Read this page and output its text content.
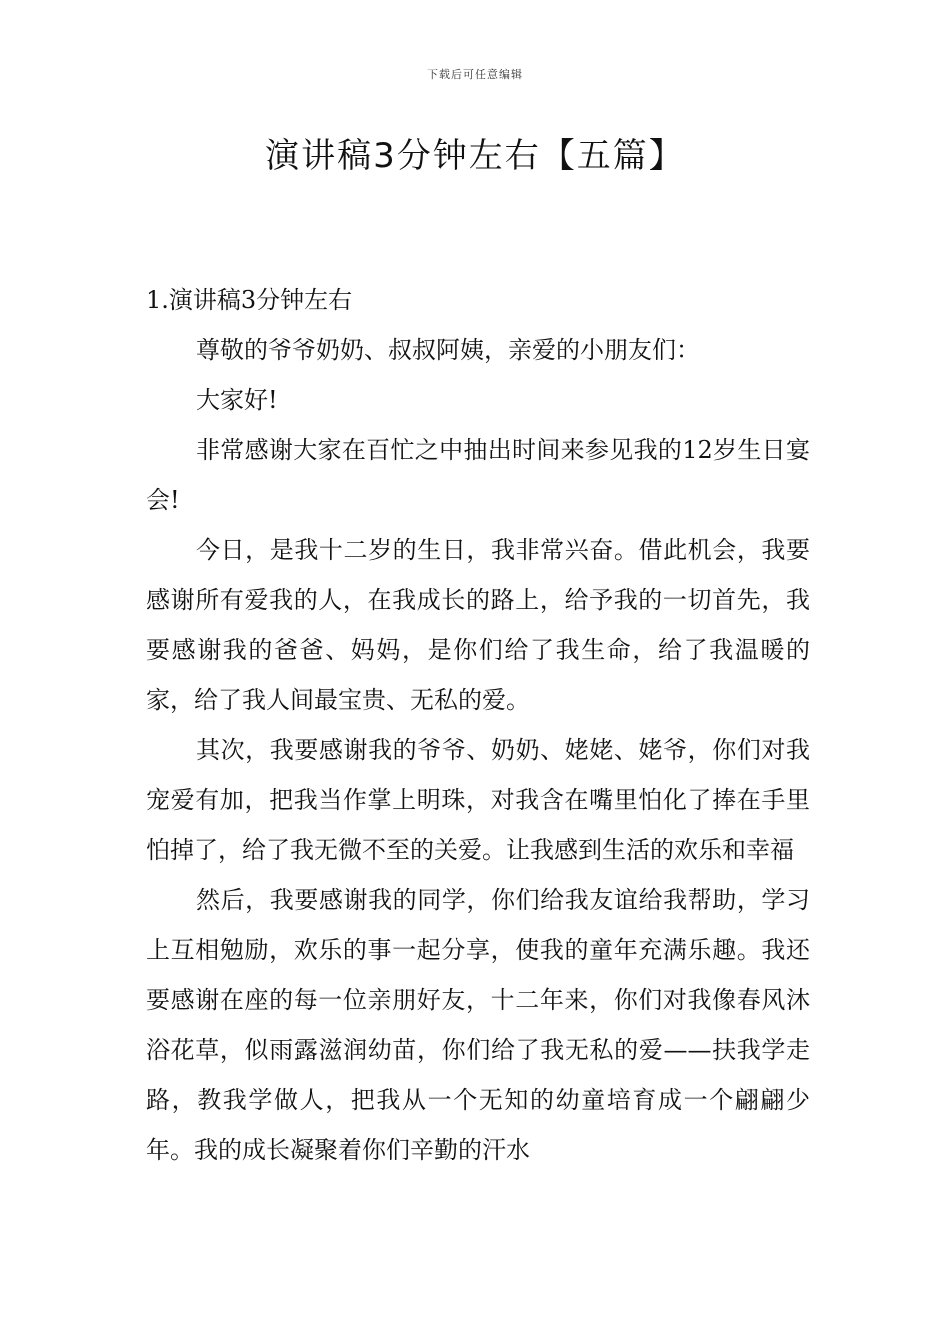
下载后可任意编辑
演讲稿3分钟左右【五篇】

1.演讲稿3分钟左右

尊敬的爷爷奶奶、叔叔阿姨，亲爱的小朋友们：

大家好!

非常感谢大家在百忙之中抽出时间来参见我的12岁生日宴会!

今日，是我十二岁的生日，我非常兴奋。借此机会，我要感谢所有爱我的人，在我成长的路上，给予我的一切首先，我要感谢我的爸爸、妈妈，是你们给了我生命，给了我温暖的家，给了我人间最宝贵、无私的爱。

其次，我要感谢我的爷爷、奶奶、姥姥、姥爷，你们对我宠爱有加，把我当作掌上明珠，对我含在嘴里怕化了捧在手里怕掉了，给了我无微不至的关爱。让我感到生活的欢乐和幸福

然后，我要感谢我的同学，你们给我友谊给我帮助，学习上互相勉励，欢乐的事一起分享，使我的童年充满乐趣。我还要感谢在座的每一位亲朋好友，十二年来，你们对我像春风沐浴花草，似雨露滋润幼苗，你们给了我无私的爱——扶我学走路，教我学做人，把我从一个无知的幼童培育成一个翩翩少年。我的成长凝聚着你们辛勤的汗水
